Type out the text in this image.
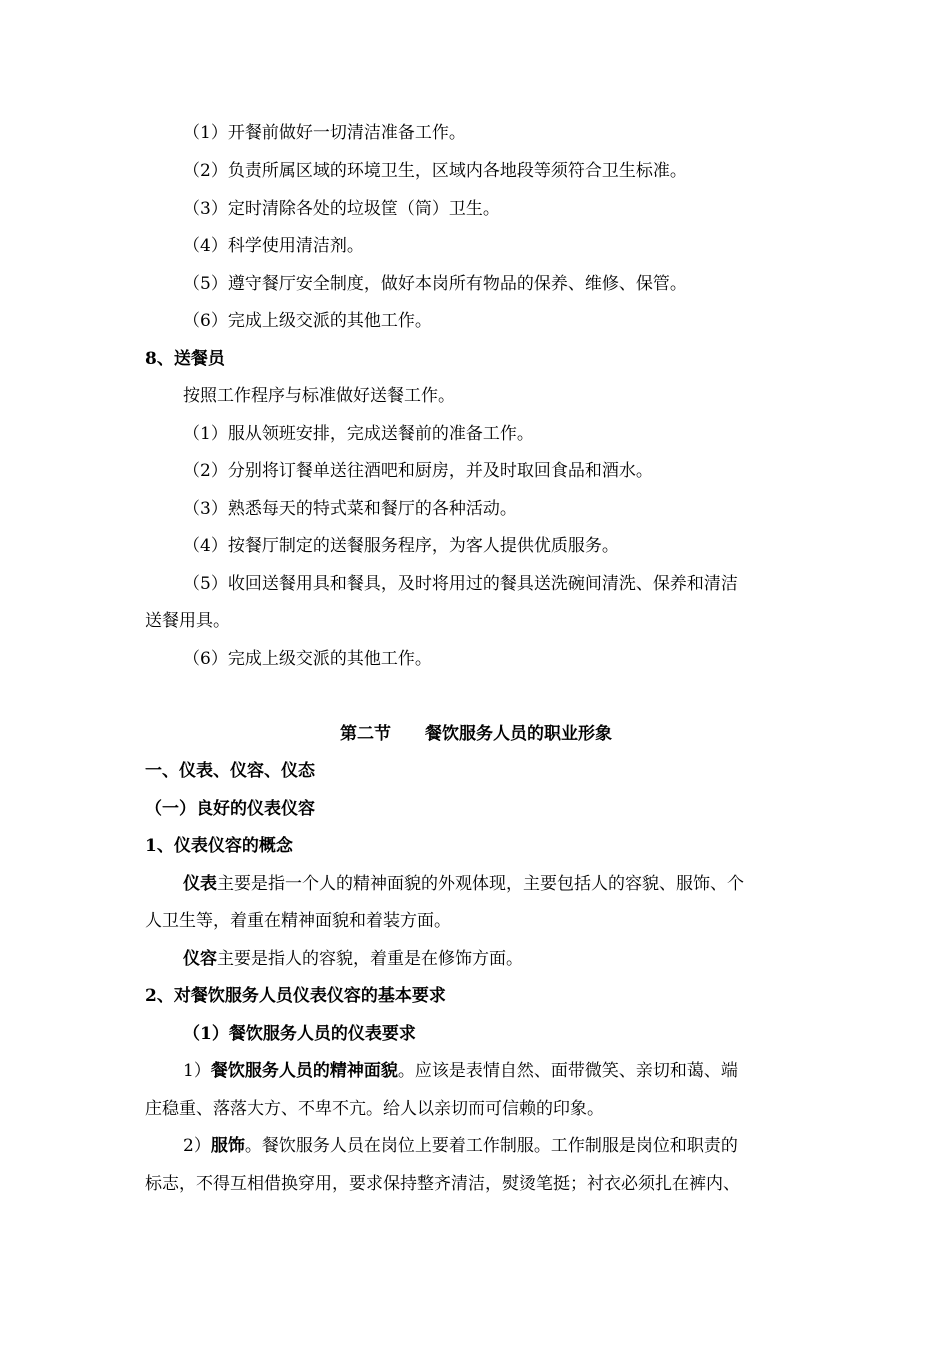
（1）开餐前做好一切清洁准备工作。
（2）负责所属区域的环境卫生，区域内各地段等须符合卫生标准。
（3）定时清除各处的垃圾筐（筒）卫生。
（4）科学使用清洁剂。
（5）遵守餐厅安全制度，做好本岗所有物品的保养、维修、保管。
（6）完成上级交派的其他工作。
8、送餐员
按照工作程序与标准做好送餐工作。
（1）服从领班安排，完成送餐前的准备工作。
（2）分别将订餐单送往酒吧和厨房，并及时取回食品和酒水。
（3）熟悉每天的特式菜和餐厅的各种活动。
（4）按餐厅制定的送餐服务程序，为客人提供优质服务。
（5）收回送餐用具和餐具，及时将用过的餐具送洗碗间清洗、保养和清洁
送餐用具。
（6）完成上级交派的其他工作。
第二节 餐饮服务人员的职业形象
一、仪表、仪容、仪态
（一）良好的仪表仪容
1、仪表仪容的概念
仪表主要是指一个人的精神面貌的外观体现，主要包括人的容貌、服饰、个
人卫生等，着重在精神面貌和着装方面。
仪容主要是指人的容貌，着重是在修饰方面。
2、对餐饮服务人员仪表仪容的基本要求
（1）餐饮服务人员的仪表要求
1）餐饮服务人员的精神面貌。应该是表情自然、面带微笑、亲切和蔼、端
庄稳重、落落大方、不卑不亢。给人以亲切而可信赖的印象。
2）服饰。餐饮服务人员在岗位上要着工作制服。工作制服是岗位和职责的
标志，不得互相借换穿用，要求保持整齐清洁，熨烫笔挺；衬衣必须扎在裤内、
